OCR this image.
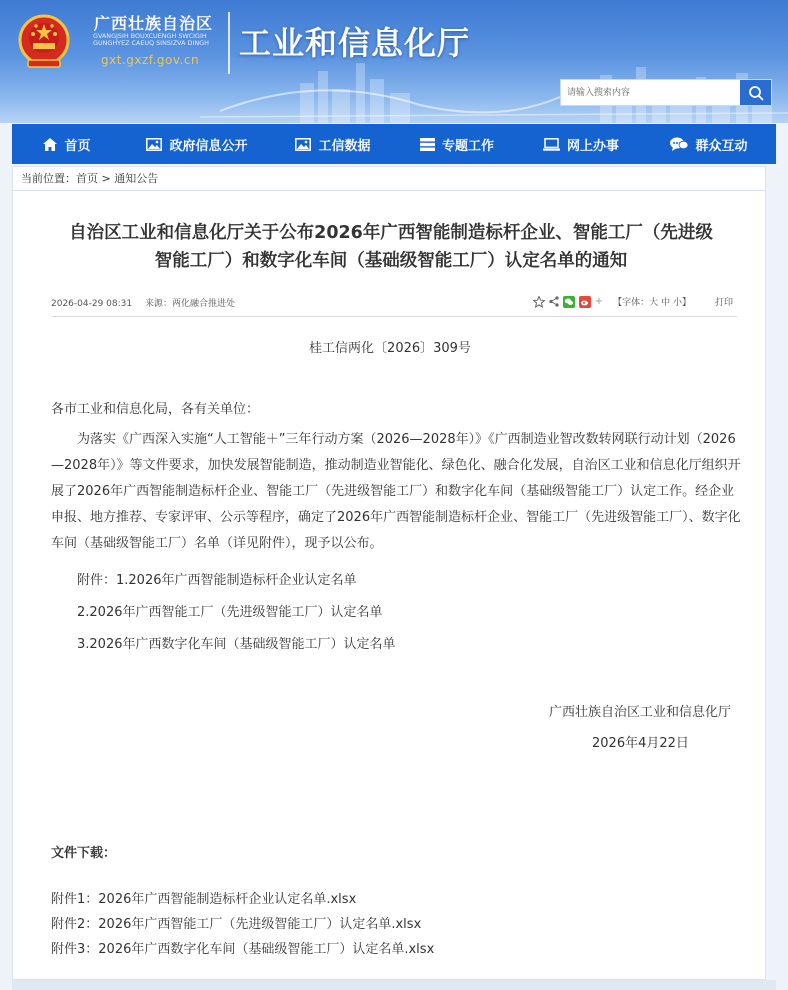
广西壮族自治区
GVANGJSIH BOUXCUENGH SWCIGIH
GUNGHYEZ CAEUQ SINSIZVA DINGH
gxt.gxzf.gov.cn 工业和信息化厅
请输入搜索内容
首页	政府信息公开	工信数据	专题工作	网上办事	群众互动
当前位置：首页 > 通知公告
自治区工业和信息化厅关于公布2026年广西智能制造标杆企业、智能工厂（先进级
智能工厂）和数字化车间（基础级智能工厂）认定名单的通知
2026-04-29 08:31 来源：两化融合推进处	+ 【字体：大 中 小】	打印
桂工信两化〔2026〕309号
各市工业和信息化局，各有关单位：
为落实《广西深入实施“人工智能＋”三年行动方案（2026—2028年）》《广西制造业智改数转网联行动计划（2026—2028年）》等文件要求，加快发展智能制造，推动制造业智能化、绿色化、融合化发展，自治区工业和信息化厅组织开展了2026年广西智能制造标杆企业、智能工厂（先进级智能工厂）和数字化车间（基础级智能工厂）认定工作。经企业申报、地方推荐、专家评审、公示等程序，确定了2026年广西智能制造标杆企业、智能工厂（先进级智能工厂）、数字化车间（基础级智能工厂）名单（详见附件），现予以公布。
附件：1.2026年广西智能制造标杆企业认定名单
2.2026年广西智能工厂（先进级智能工厂）认定名单
3.2026年广西数字化车间（基础级智能工厂）认定名单
广西壮族自治区工业和信息化厅
2026年4月22日
文件下载：
附件1：2026年广西智能制造标杆企业认定名单.xlsx
附件2：2026年广西智能工厂（先进级智能工厂）认定名单.xlsx
附件3：2026年广西数字化车间（基础级智能工厂）认定名单.xlsx
